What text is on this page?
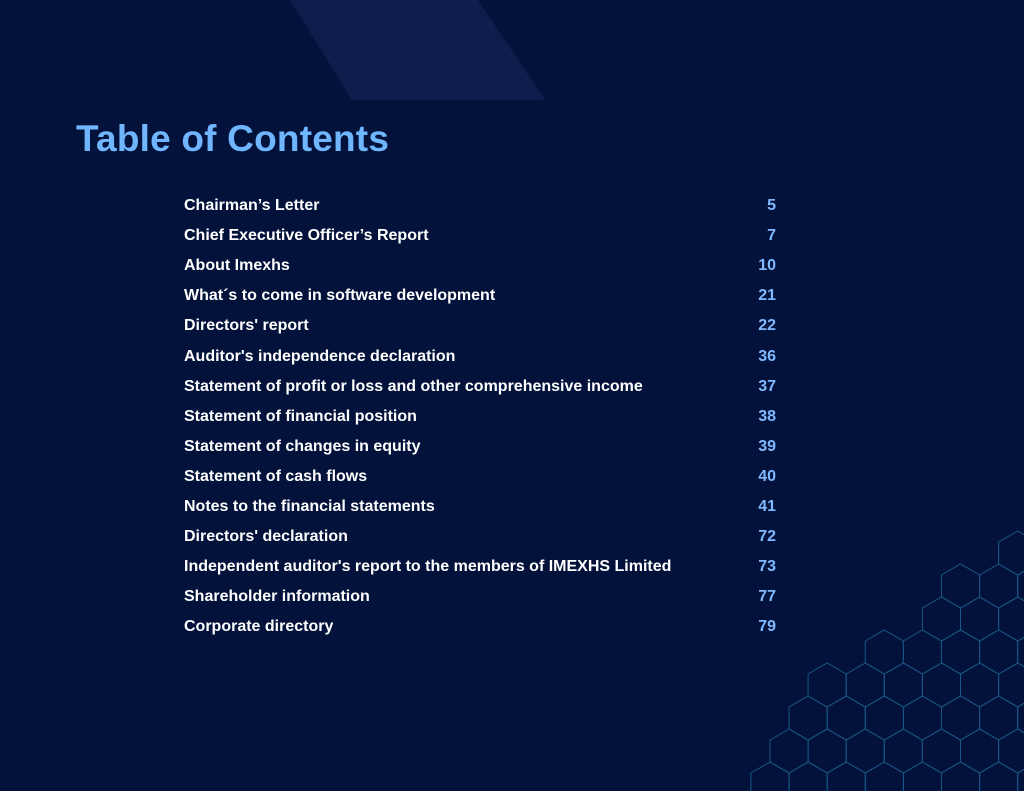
Table of Contents
Chairman’s Letter	5
Chief Executive Officer’s Report	7
About Imexhs	10
What´s to come in software development	21
Directors' report	22
Auditor's independence declaration	36
Statement of profit or loss and other comprehensive income	37
Statement of financial position	38
Statement of changes in equity	39
Statement of cash flows	40
Notes to the financial statements	41
Directors' declaration	72
Independent auditor's report to the members of IMEXHS Limited	73
Shareholder information	77
Corporate directory	79
